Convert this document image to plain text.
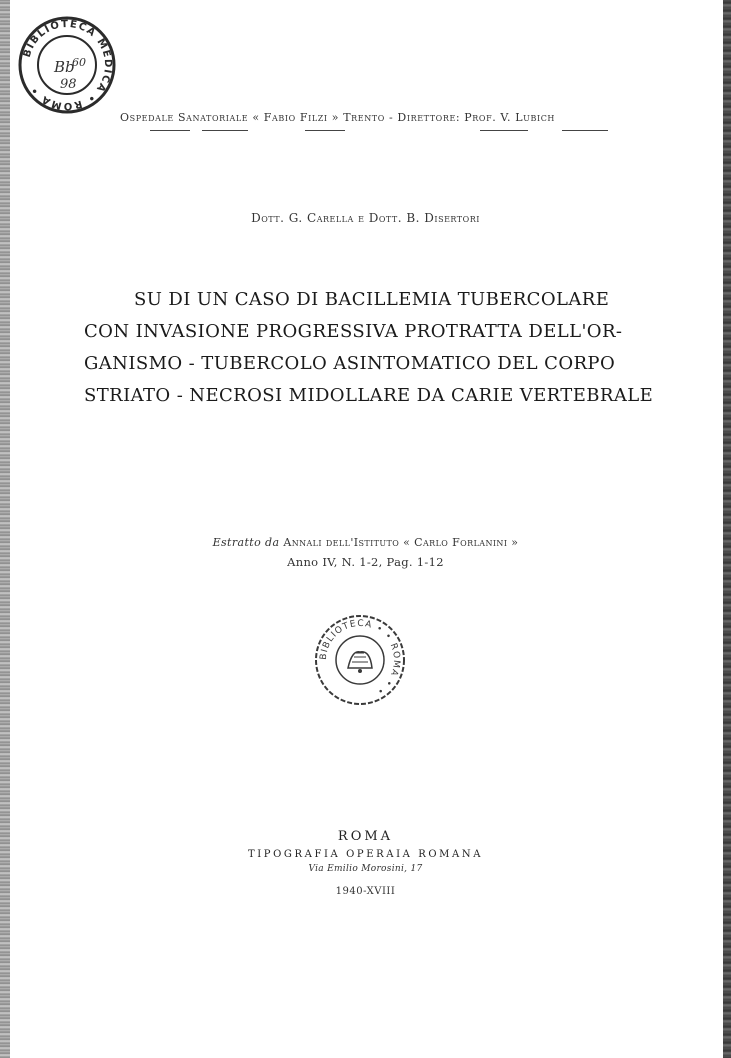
BIBLIOTECA MEDICA • ROMA •
Bb
60
98
Ospedale Sanatoriale « Fabio Filzi » Trento - Direttore: Prof. V. Lubich
Dott. G. Carella e Dott. B. Disertori
SU DI UN CASO DI BACILLEMIA TUBERCOLARE
CON INVASIONE PROGRESSIVA PROTRATTA DELL'OR-
GANISMO - TUBERCOLO ASINTOMATICO DEL CORPO
STRIATO - NECROSI MIDOLLARE DA CARIE VERTEBRALE
Estratto da Annali dell'Istituto « Carlo Forlanini »
Anno IV, N. 1-2, Pag. 1-12
BIBLIOTECA • • ROMA • •
ROMA
TIPOGRAFIA OPERAIA ROMANA
Via Emilio Morosini, 17
1940-XVIII
